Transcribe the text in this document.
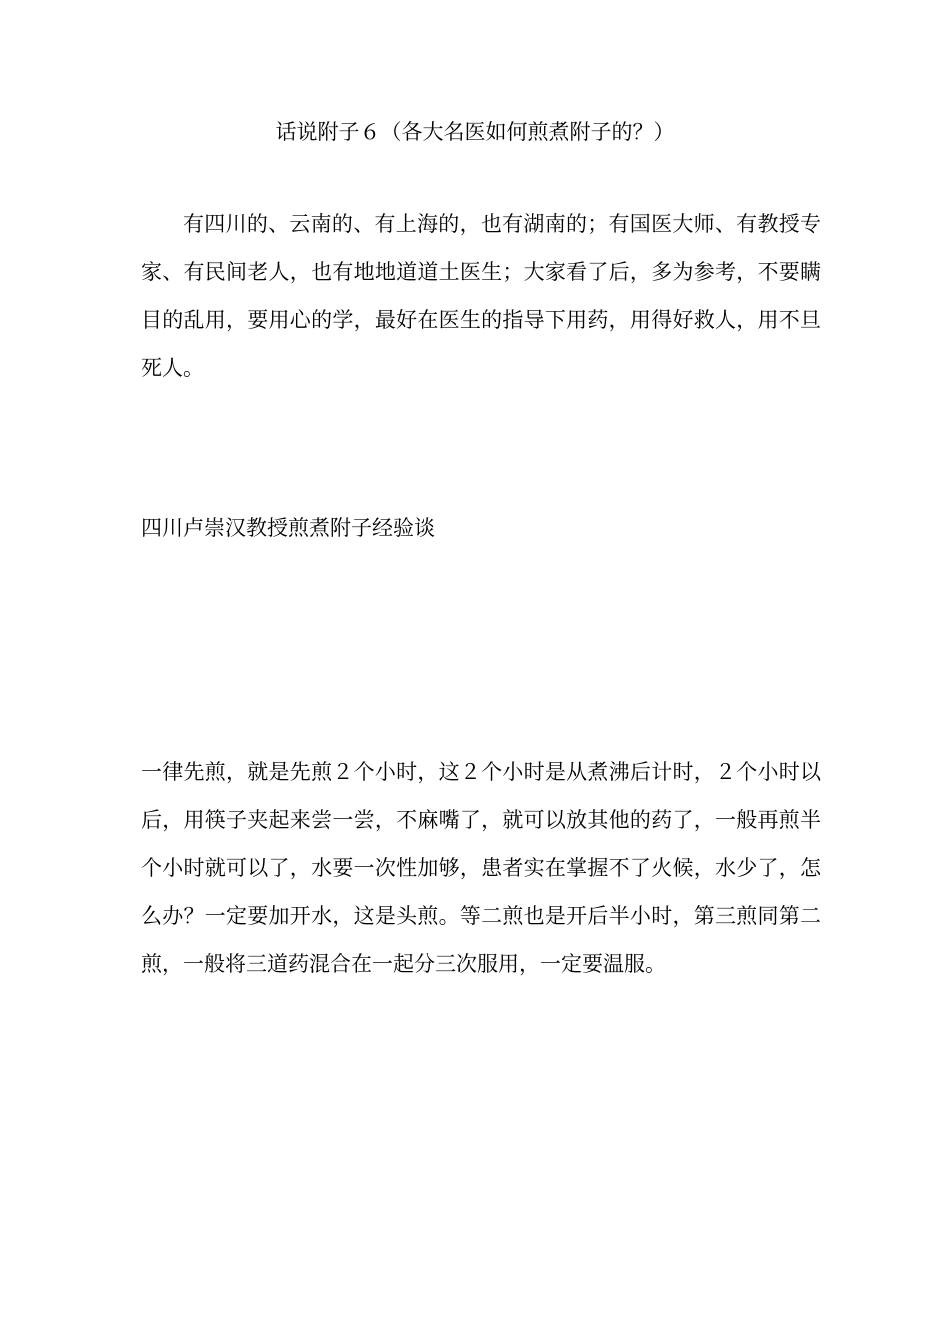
话说附子６（各大名医如何煎煮附子的？）

有四川的、云南的、有上海的，也有湖南的；有国医大师、有教授专家、有民间老人，也有地地道道土医生；大家看了后，多为参考，不要瞒目的乱用，要用心的学，最好在医生的指导下用药，用得好救人，用不旦死人。

四川卢崇汉教授煎煮附子经验谈

一律先煎，就是先煎２个小时，这２个小时是从煮沸后计时，２个小时以后，用筷子夹起来尝一尝，不麻嘴了，就可以放其他的药了，一般再煎半个小时就可以了，水要一次性加够，患者实在掌握不了火候，水少了，怎么办？一定要加开水，这是头煎。等二煎也是开后半小时，第三煎同第二煎，一般将三道药混合在一起分三次服用，一定要温服。
